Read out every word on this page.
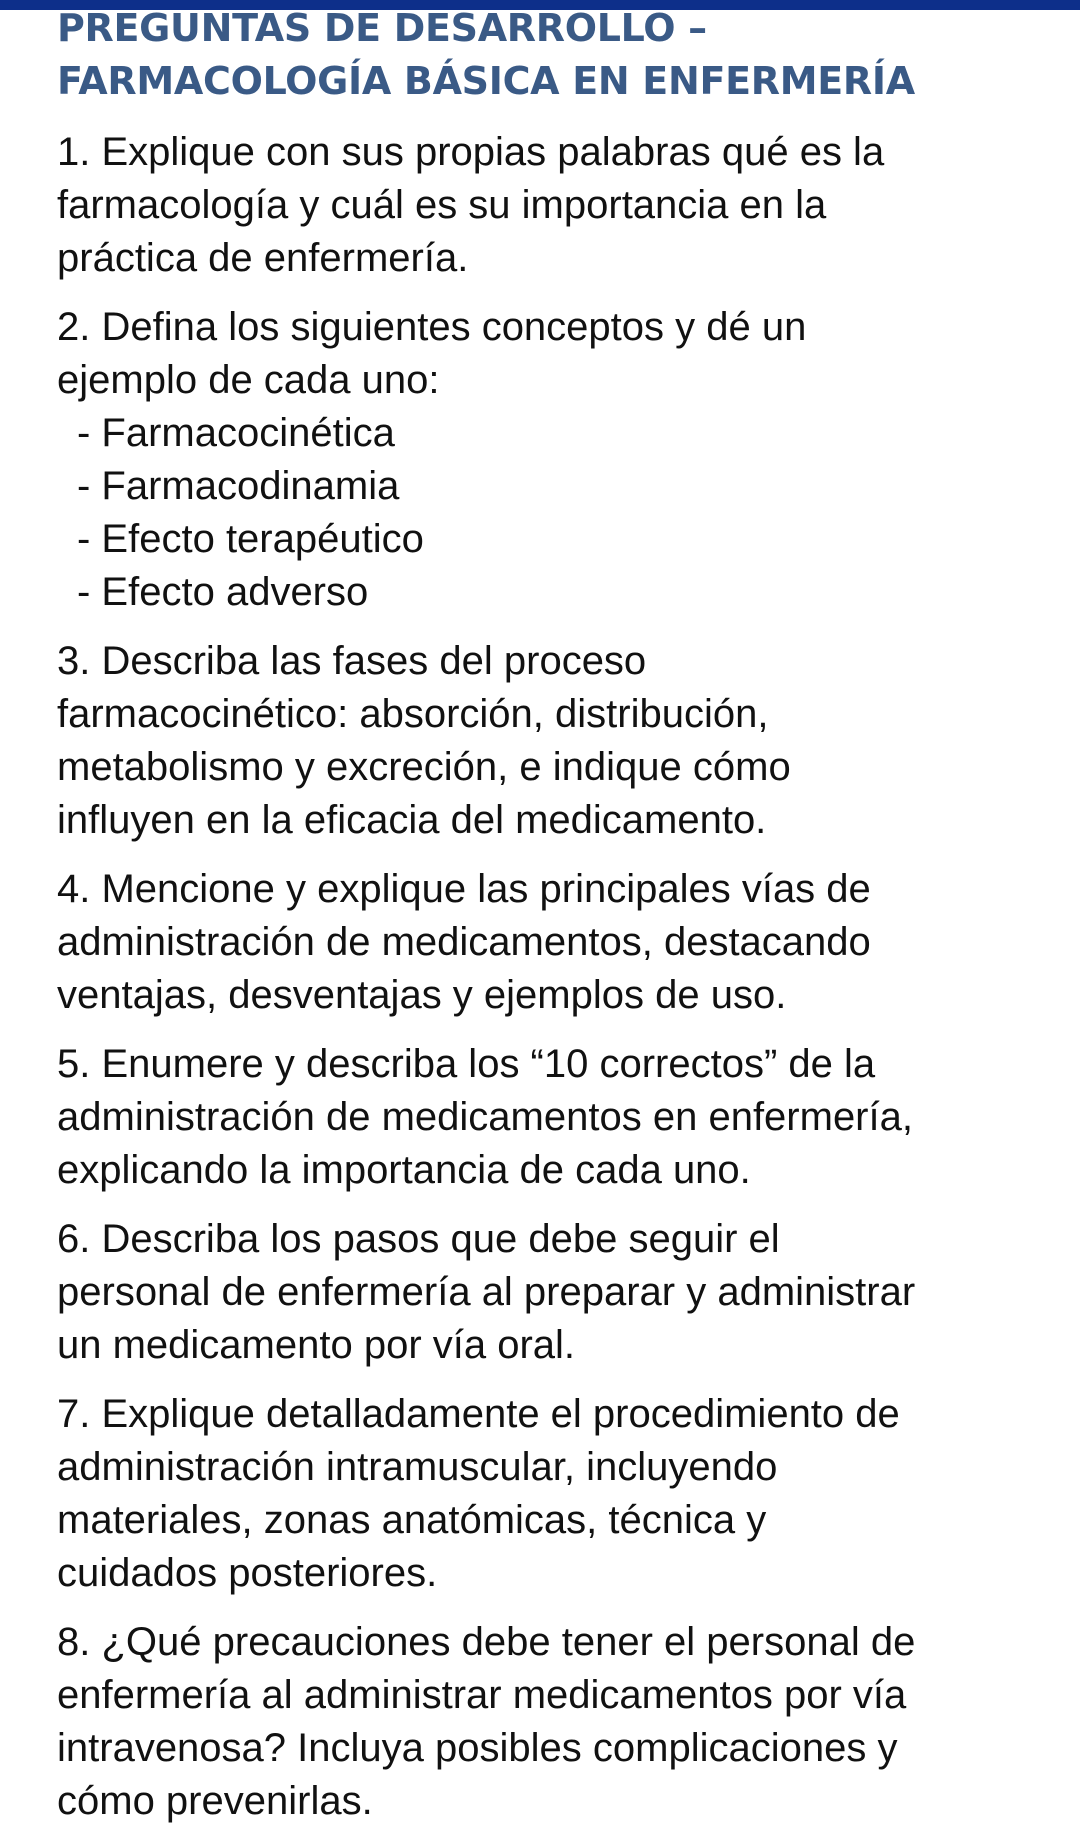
PREGUNTAS DE DESARROLLO –
FARMACOLOGÍA BÁSICA EN ENFERMERÍA
1. Explique con sus propias palabras qué es la
farmacología y cuál es su importancia en la
práctica de enfermería.
2. Defina los siguientes conceptos y dé un
ejemplo de cada uno:
- Farmacocinética
- Farmacodinamia
- Efecto terapéutico
- Efecto adverso
3. Describa las fases del proceso
farmacocinético: absorción, distribución,
metabolismo y excreción, e indique cómo
influyen en la eficacia del medicamento.
4. Mencione y explique las principales vías de
administración de medicamentos, destacando
ventajas, desventajas y ejemplos de uso.
5. Enumere y describa los “10 correctos” de la
administración de medicamentos en enfermería,
explicando la importancia de cada uno.
6. Describa los pasos que debe seguir el
personal de enfermería al preparar y administrar
un medicamento por vía oral.
7. Explique detalladamente el procedimiento de
administración intramuscular, incluyendo
materiales, zonas anatómicas, técnica y
cuidados posteriores.
8. ¿Qué precauciones debe tener el personal de
enfermería al administrar medicamentos por vía
intravenosa? Incluya posibles complicaciones y
cómo prevenirlas.
